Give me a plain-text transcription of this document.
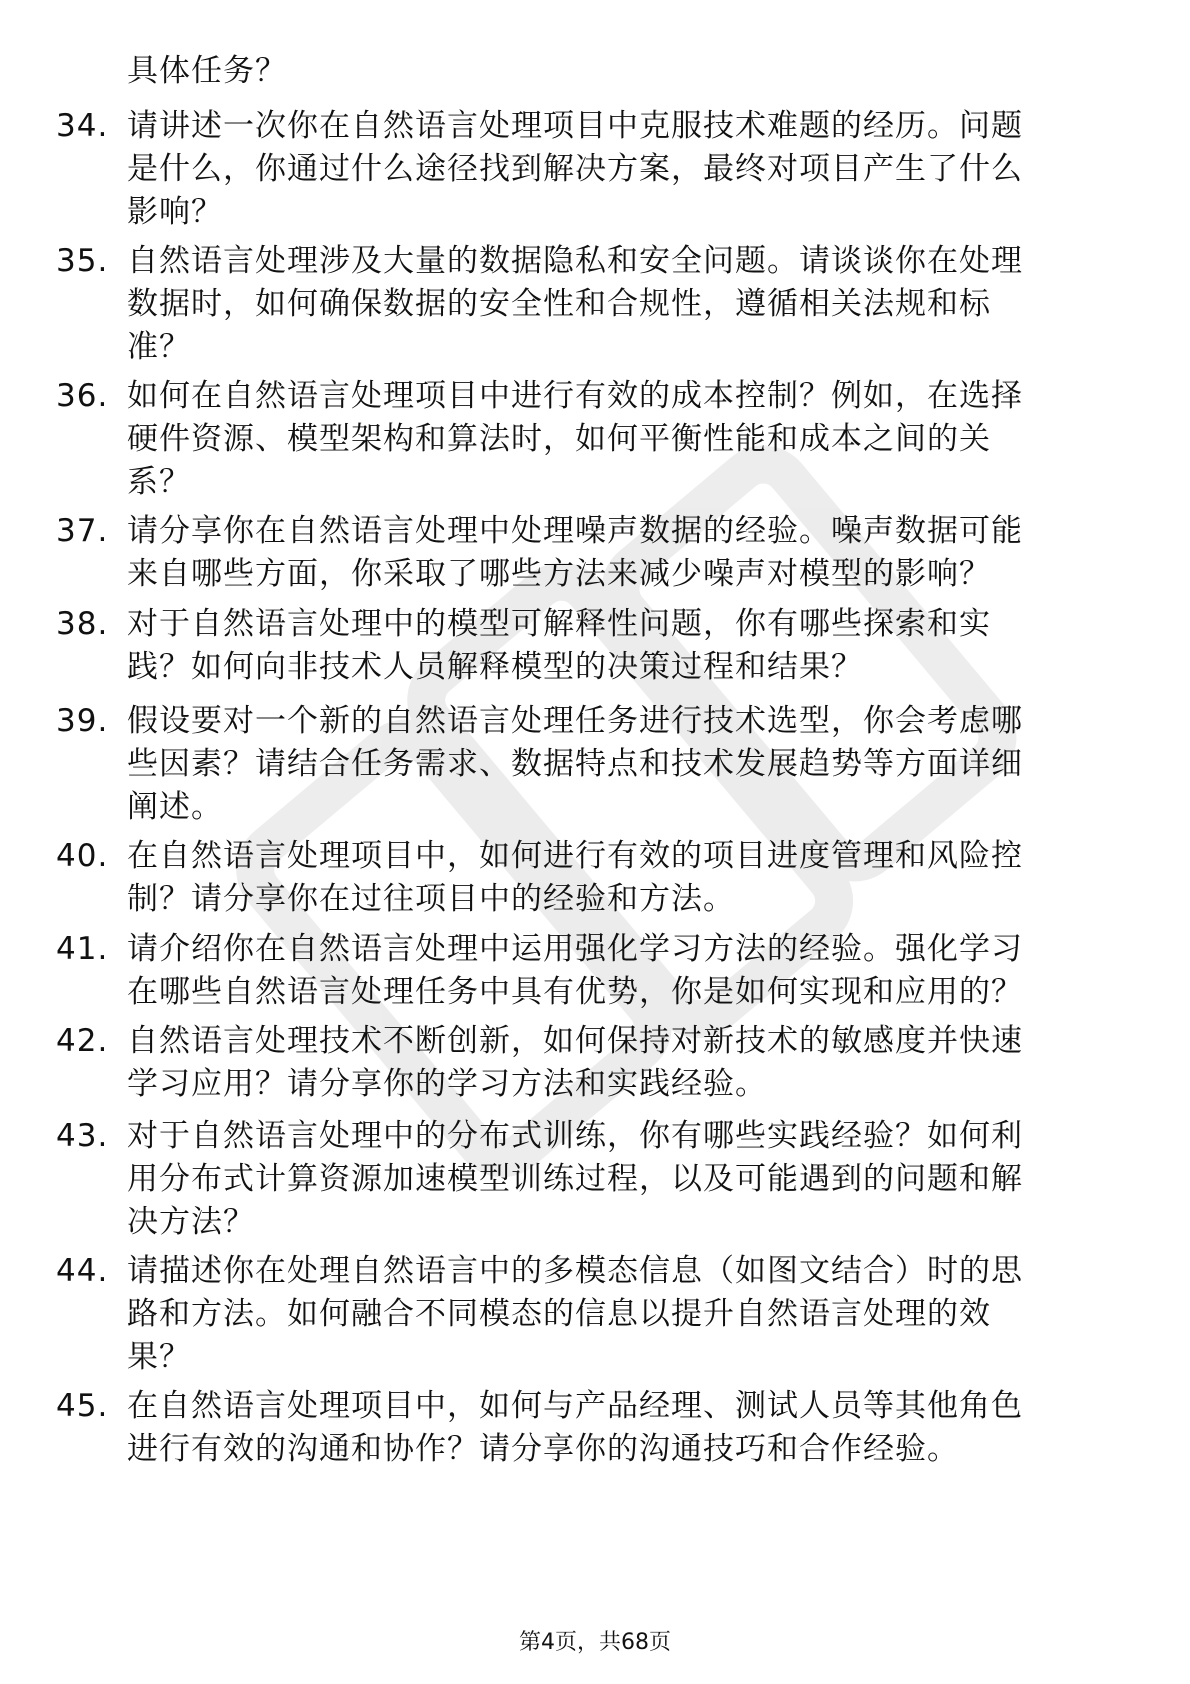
具体任务？
34. 请讲述一次你在自然语言处理项目中克服技术难题的经历。问题
是什么，你通过什么途径找到解决方案，最终对项目产生了什么
影响？
35. 自然语言处理涉及大量的数据隐私和安全问题。请谈谈你在处理
数据时，如何确保数据的安全性和合规性，遵循相关法规和标
准？
36. 如何在自然语言处理项目中进行有效的成本控制？例如，在选择
硬件资源、模型架构和算法时，如何平衡性能和成本之间的关
系？
37. 请分享你在自然语言处理中处理噪声数据的经验。噪声数据可能
来自哪些方面，你采取了哪些方法来减少噪声对模型的影响？
38. 对于自然语言处理中的模型可解释性问题，你有哪些探索和实
践？如何向非技术人员解释模型的决策过程和结果？
39. 假设要对一个新的自然语言处理任务进行技术选型，你会考虑哪
些因素？请结合任务需求、数据特点和技术发展趋势等方面详细
阐述。
40. 在自然语言处理项目中，如何进行有效的项目进度管理和风险控
制？请分享你在过往项目中的经验和方法。
41. 请介绍你在自然语言处理中运用强化学习方法的经验。强化学习
在哪些自然语言处理任务中具有优势，你是如何实现和应用的？
42. 自然语言处理技术不断创新，如何保持对新技术的敏感度并快速
学习应用？请分享你的学习方法和实践经验。
43. 对于自然语言处理中的分布式训练，你有哪些实践经验？如何利
用分布式计算资源加速模型训练过程，以及可能遇到的问题和解
决方法？
44. 请描述你在处理自然语言中的多模态信息（如图文结合）时的思
路和方法。如何融合不同模态的信息以提升自然语言处理的效
果？
45. 在自然语言处理项目中，如何与产品经理、测试人员等其他角色
进行有效的沟通和协作？请分享你的沟通技巧和合作经验。
第4页，共68页
